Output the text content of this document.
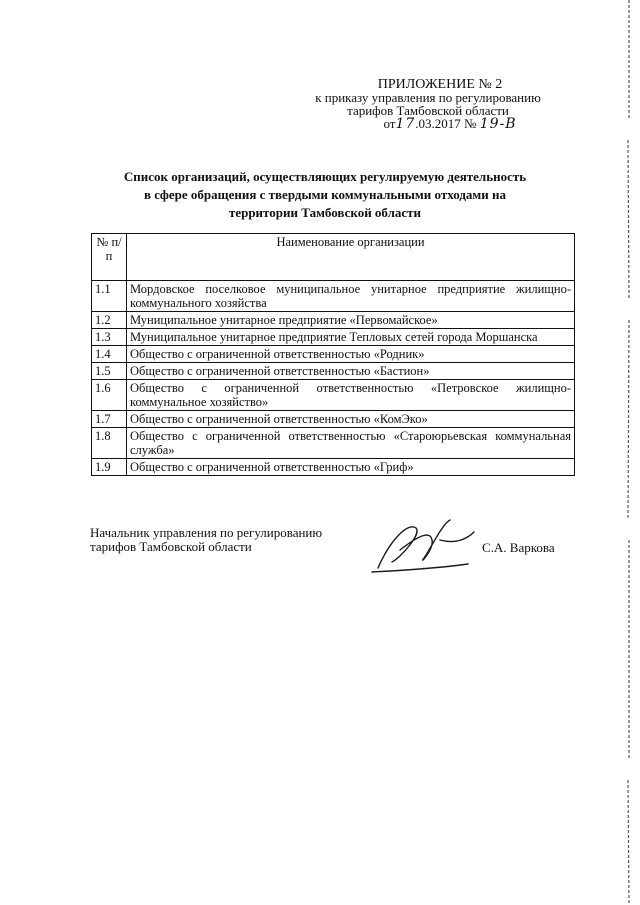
ПРИЛОЖЕНИЕ № 2
к приказу управления по регулированию
тарифов Тамбовской области
от17.03.2017 № 19-В
Список организаций, осуществляющих регулируемую деятельность
в сфере обращения с твердыми коммунальными отходами на
территории Тамбовской области
№ п/п	Наименование организации
1.1	Мордовское поселковое муниципальное унитарное предприятие жилищно-коммунального хозяйства
1.2	Муниципальное унитарное предприятие «Первомайское»
1.3	Муниципальное унитарное предприятие Тепловых сетей города Моршанска
1.4	Общество с ограниченной ответственностью «Родник»
1.5	Общество с ограниченной ответственностью «Бастион»
1.6	Общество с ограниченной ответственностью «Петровское жилищно-коммунальное хозяйство»
1.7	Общество с ограниченной ответственностью «КомЭко»
1.8	Общество с ограниченной ответственностью «Староюрьевская коммунальная служба»
1.9	Общество с ограниченной ответственностью «Гриф»
Начальник управления по регулированию
тарифов Тамбовской области	С.А. Варкова
